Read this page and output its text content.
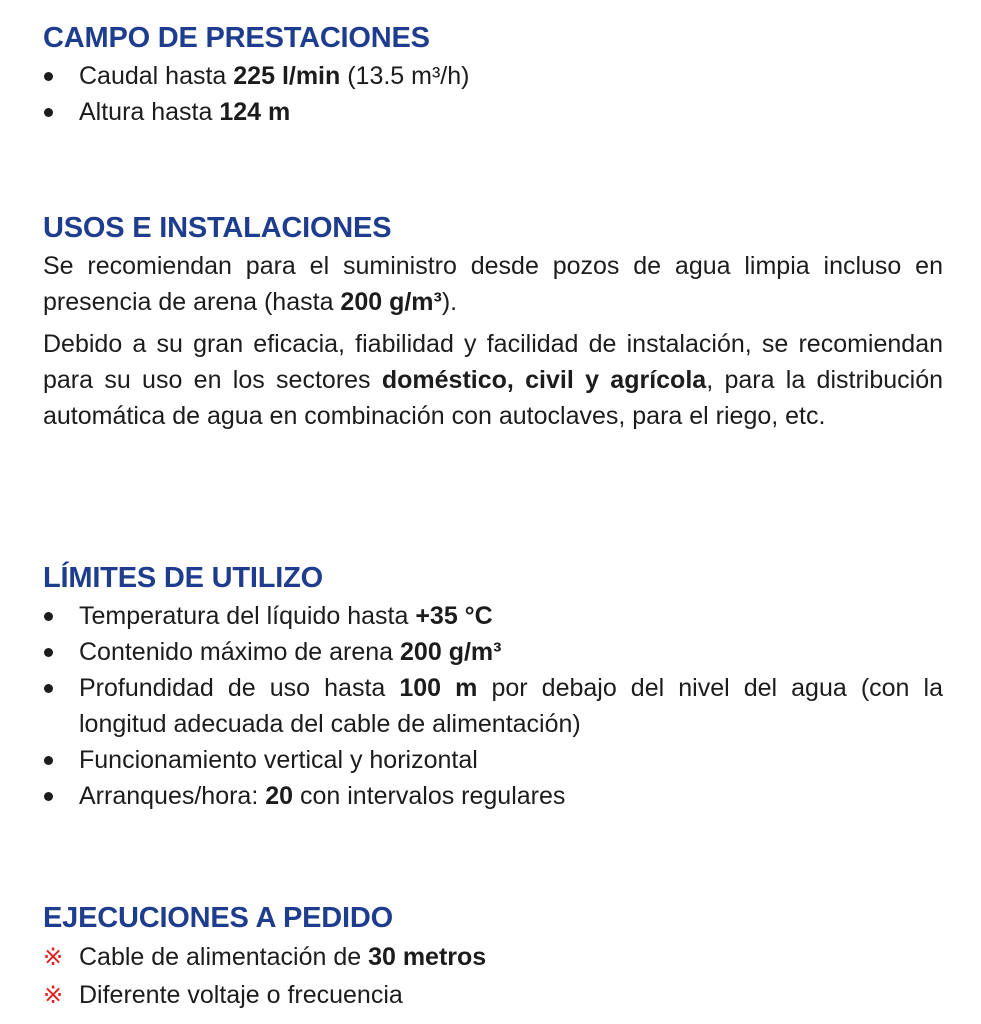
CAMPO DE PRESTACIONES
Caudal hasta 225 l/min (13.5 m³/h)
Altura hasta 124 m
USOS E INSTALACIONES

Se recomiendan para el suministro desde pozos de agua limpia incluso en presencia de arena (hasta 200 g/m³).

Debido a su gran eficacia, fiabilidad y facilidad de instalación, se recomiendan para su uso en los sectores doméstico, civil y agrícola, para la distribución automática de agua en combinación con autoclaves, para el riego, etc.

LÍMITES DE UTILIZO
Temperatura del líquido hasta +35 °C
Contenido máximo de arena 200 g/m³
Profundidad de uso hasta 100 m por debajo del nivel del agua (con la longitud adecuada del cable de alimentación)
Funcionamiento vertical y horizontal
Arranques/hora: 20 con intervalos regulares
EJECUCIONES A PEDIDO
※ Cable de alimentación de 30 metros
※ Diferente voltaje o frecuencia
